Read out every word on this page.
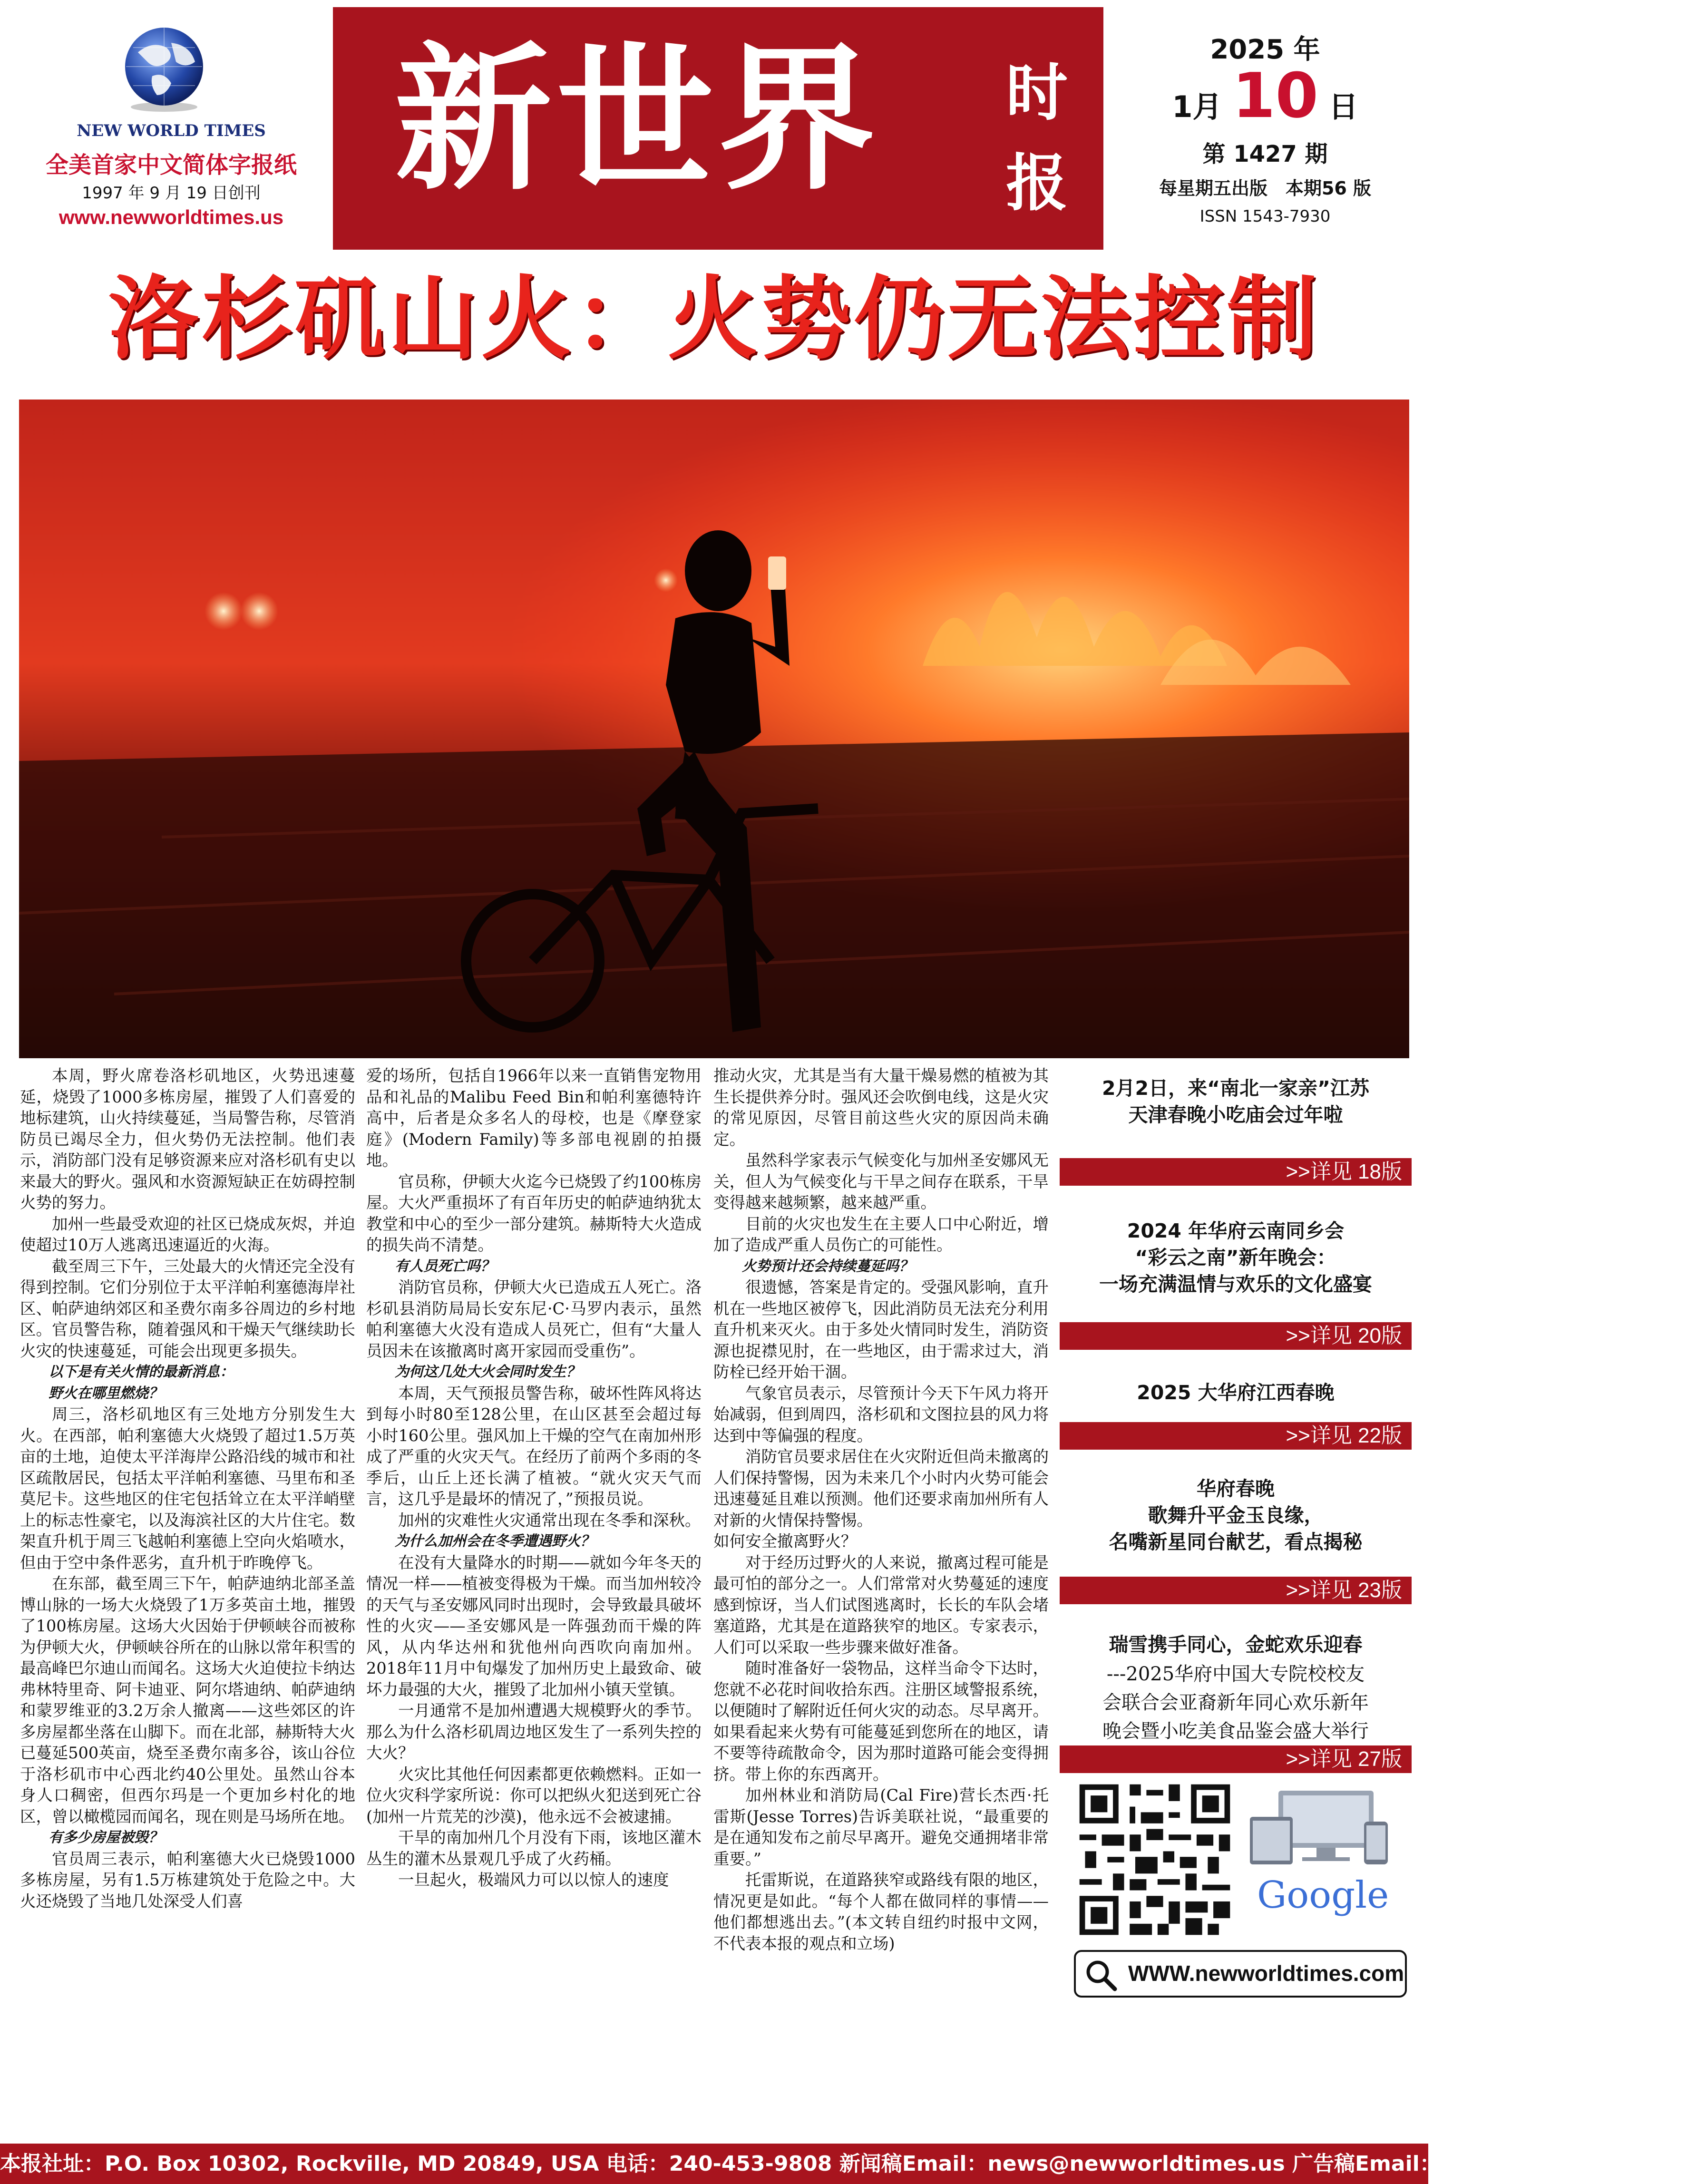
NEW WORLD TIMES
全美首家中文简体字报纸
1997 年 9 月 19 日创刊
www.newworldtimes.us
新世界 时
报
2025 年
1月 10 日
第 1427 期
每星期五出版　本期56 版
ISSN 1543-7930
洛杉矶山火：火势仍无法控制

本周，野火席卷洛杉矶地区，火势迅速蔓延，烧毁了1000多栋房屋，摧毁了人们喜爱的地标建筑，山火持续蔓延，当局警告称，尽管消防员已竭尽全力，但火势仍无法控制。他们表示，消防部门没有足够资源来应对洛杉矶有史以来最大的野火。强风和水资源短缺正在妨碍控制火势的努力。

加州一些最受欢迎的社区已烧成灰烬，并迫使超过10万人逃离迅速逼近的火海。

截至周三下午，三处最大的火情还完全没有得到控制。它们分别位于太平洋帕利塞德海岸社区、帕萨迪纳郊区和圣费尔南多谷周边的乡村地区。官员警告称，随着强风和干燥天气继续助长火灾的快速蔓延，可能会出现更多损失。

以下是有关火情的最新消息：

野火在哪里燃烧？

周三，洛杉矶地区有三处地方分别发生大火。在西部，帕利塞德大火烧毁了超过1.5万英亩的土地，迫使太平洋海岸公路沿线的城市和社区疏散居民，包括太平洋帕利塞德、马里布和圣莫尼卡。这些地区的住宅包括耸立在太平洋峭壁上的标志性豪宅，以及海滨社区的大片住宅。数架直升机于周三飞越帕利塞德上空向火焰喷水，但由于空中条件恶劣，直升机于昨晚停飞。

在东部，截至周三下午，帕萨迪纳北部圣盖博山脉的一场大火烧毁了1万多英亩土地，摧毁了100栋房屋。这场大火因始于伊顿峡谷而被称为伊顿大火，伊顿峡谷所在的山脉以常年积雪的最高峰巴尔迪山而闻名。这场大火迫使拉卡纳达弗林特里奇、阿卡迪亚、阿尔塔迪纳、帕萨迪纳和蒙罗维亚的3.2万余人撤离——这些郊区的许多房屋都坐落在山脚下。而在北部，赫斯特大火已蔓延500英亩，烧至圣费尔南多谷，该山谷位于洛杉矶市中心西北约40公里处。虽然山谷本身人口稠密，但西尔玛是一个更加乡村化的地区，曾以橄榄园而闻名，现在则是马场所在地。

有多少房屋被毁？

官员周三表示，帕利塞德大火已烧毁1000多栋房屋，另有1.5万栋建筑处于危险之中。大火还烧毁了当地几处深受人们喜

爱的场所，包括自1966年以来一直销售宠物用品和礼品的Malibu Feed Bin和帕利塞德特许高中，后者是众多名人的母校，也是《摩登家庭》(Modern Family)等多部电视剧的拍摄地。

官员称，伊顿大火迄今已烧毁了约100栋房屋。大火严重损坏了有百年历史的帕萨迪纳犹太教堂和中心的至少一部分建筑。赫斯特大火造成的损失尚不清楚。

有人员死亡吗？

消防官员称，伊顿大火已造成五人死亡。洛杉矶县消防局局长安东尼·C·马罗内表示，虽然帕利塞德大火没有造成人员死亡，但有“大量人员因未在该撤离时离开家园而受重伤”。

为何这几处大火会同时发生？

本周，天气预报员警告称，破坏性阵风将达到每小时80至128公里，在山区甚至会超过每小时160公里。强风加上干燥的空气在南加州形成了严重的火灾天气。在经历了前两个多雨的冬季后，山丘上还长满了植被。“就火灾天气而言，这几乎是最坏的情况了，”预报员说。

加州的灾难性火灾通常出现在冬季和深秋。

为什么加州会在冬季遭遇野火？

在没有大量降水的时期——就如今年冬天的情况一样——植被变得极为干燥。而当加州较冷的天气与圣安娜风同时出现时，会导致最具破坏性的火灾——圣安娜风是一阵强劲而干燥的阵风，从内华达州和犹他州向西吹向南加州。2018年11月中旬爆发了加州历史上最致命、破坏力最强的大火，摧毁了北加州小镇天堂镇。

一月通常不是加州遭遇大规模野火的季节。那么为什么洛杉矶周边地区发生了一系列失控的大火？

火灾比其他任何因素都更依赖燃料。正如一位火灾科学家所说：你可以把纵火犯送到死亡谷(加州一片荒芜的沙漠)，他永远不会被逮捕。

干旱的南加州几个月没有下雨，该地区灌木丛生的灌木丛景观几乎成了火药桶。

一旦起火，极端风力可以以惊人的速度

推动火灾，尤其是当有大量干燥易燃的植被为其生长提供养分时。强风还会吹倒电线，这是火灾的常见原因，尽管目前这些火灾的原因尚未确定。

虽然科学家表示气候变化与加州圣安娜风无关，但人为气候变化与干旱之间存在联系，干旱变得越来越频繁，越来越严重。

目前的火灾也发生在主要人口中心附近，增加了造成严重人员伤亡的可能性。

火势预计还会持续蔓延吗？

很遗憾，答案是肯定的。受强风影响，直升机在一些地区被停飞，因此消防员无法充分利用直升机来灭火。由于多处火情同时发生，消防资源也捉襟见肘，在一些地区，由于需求过大，消防栓已经开始干涸。

气象官员表示，尽管预计今天下午风力将开始减弱，但到周四，洛杉矶和文图拉县的风力将达到中等偏强的程度。

消防官员要求居住在火灾附近但尚未撤离的人们保持警惕，因为未来几个小时内火势可能会迅速蔓延且难以预测。他们还要求南加州所有人对新的火情保持警惕。

如何安全撤离野火？

对于经历过野火的人来说，撤离过程可能是最可怕的部分之一。人们常常对火势蔓延的速度感到惊讶，当人们试图逃离时，长长的车队会堵塞道路，尤其是在道路狭窄的地区。专家表示，人们可以采取一些步骤来做好准备。

随时准备好一袋物品，这样当命令下达时，您就不必花时间收拾东西。注册区域警报系统，以便随时了解附近任何火灾的动态。尽早离开。如果看起来火势有可能蔓延到您所在的地区，请不要等待疏散命令，因为那时道路可能会变得拥挤。带上你的东西离开。

加州林业和消防局(Cal Fire)营长杰西·托雷斯(Jesse Torres)告诉美联社说，“最重要的是在通知发布之前尽早离开。避免交通拥堵非常重要。”

托雷斯说，在道路狭窄或路线有限的地区，情况更是如此。“每个人都在做同样的事情——他们都想逃出去。”(本文转自纽约时报中文网，不代表本报的观点和立场)

2月2日，来“南北一家亲”江苏
天津春晚小吃庙会过年啦
>>详见 18版
2024 年华府云南同乡会
“彩云之南”新年晚会：
一场充满温情与欢乐的文化盛宴
>>详见 20版
2025 大华府江西春晚
>>详见 22版
华府春晚
歌舞升平金玉良缘，
名嘴新星同台献艺，看点揭秘
>>详见 23版
瑞雪携手同心，金蛇欢乐迎春
---2025华府中国大专院校校友
会联合会亚裔新年同心欢乐新年
晚会暨小吃美食品鉴会盛大举行
>>详见 27版
Google
WWW.newworldtimes.com
本报社址：P.O. Box 10302, Rockville, MD 20849, USA 电话：240-453-9808 新闻稿Email：news@newworldtimes.us 广告稿Email：ad@newworldtimes.us
